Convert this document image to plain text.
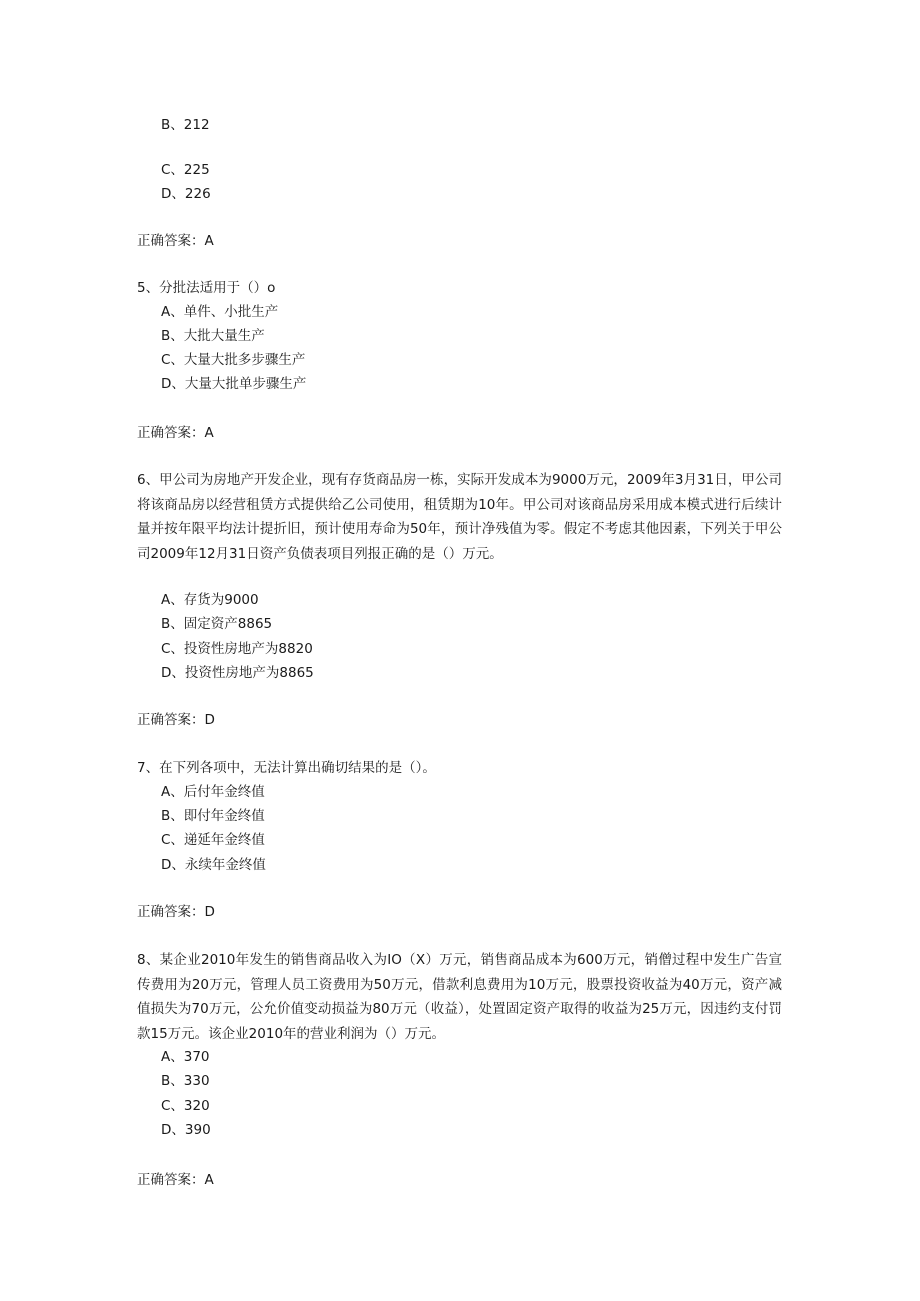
B、212
C、225
D、226
正确答案：A
5、分批法适用于（）o
A、单件、小批生产
B、大批大量生产
C、大量大批多步骤生产
D、大量大批单步骤生产
正确答案：A
6、甲公司为房地产开发企业，现有存货商品房一栋，实际开发成本为9000万元，2009年3月31日，甲公司将该商品房以经营租赁方式提供给乙公司使用，租赁期为10年。甲公司对该商品房采用成本模式进行后续计量并按年限平均法计提折旧，预计使用寿命为50年，预计净残值为零。假定不考虑其他因素，下列关于甲公司2009年12月31日资产负债表项目列报正确的是（）万元。
A、存货为9000
B、固定资产8865
C、投资性房地产为8820
D、投资性房地产为8865
正确答案：D
7、在下列各项中，无法计算出确切结果的是（）。
A、后付年金终值
B、即付年金终值
C、递延年金终值
D、永续年金终值
正确答案：D
8、某企业2010年发生的销售商品收入为IO（X）万元，销售商品成本为600万元，销僧过程中发生广告宣传费用为20万元，管理人员工资费用为50万元，借款利息费用为10万元，股票投资收益为40万元，资产减值损失为70万元，公允价值变动损益为80万元（收益），处置固定资产取得的收益为25万元，因违约支付罚款15万元。该企业2010年的营业利润为（）万元。
A、370
B、330
C、320
D、390
正确答案：A
